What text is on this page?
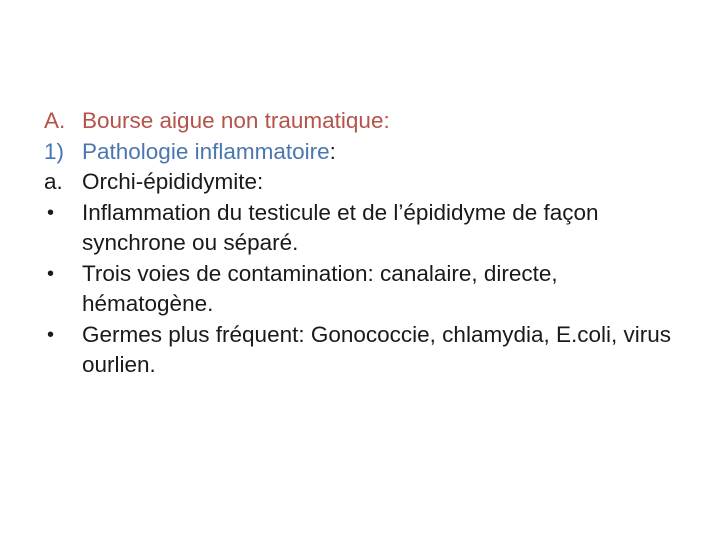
A. Bourse aigue non traumatique:
1) Pathologie inflammatoire:
a. Orchi-épididymite:
•	Inflammation du testicule et de l’épididyme de façon synchrone ou séparé.
•	Trois voies de contamination: canalaire, directe, hématogène.
•	Germes plus fréquent: Gonococcie, chlamydia, E.coli, virus ourlien.
